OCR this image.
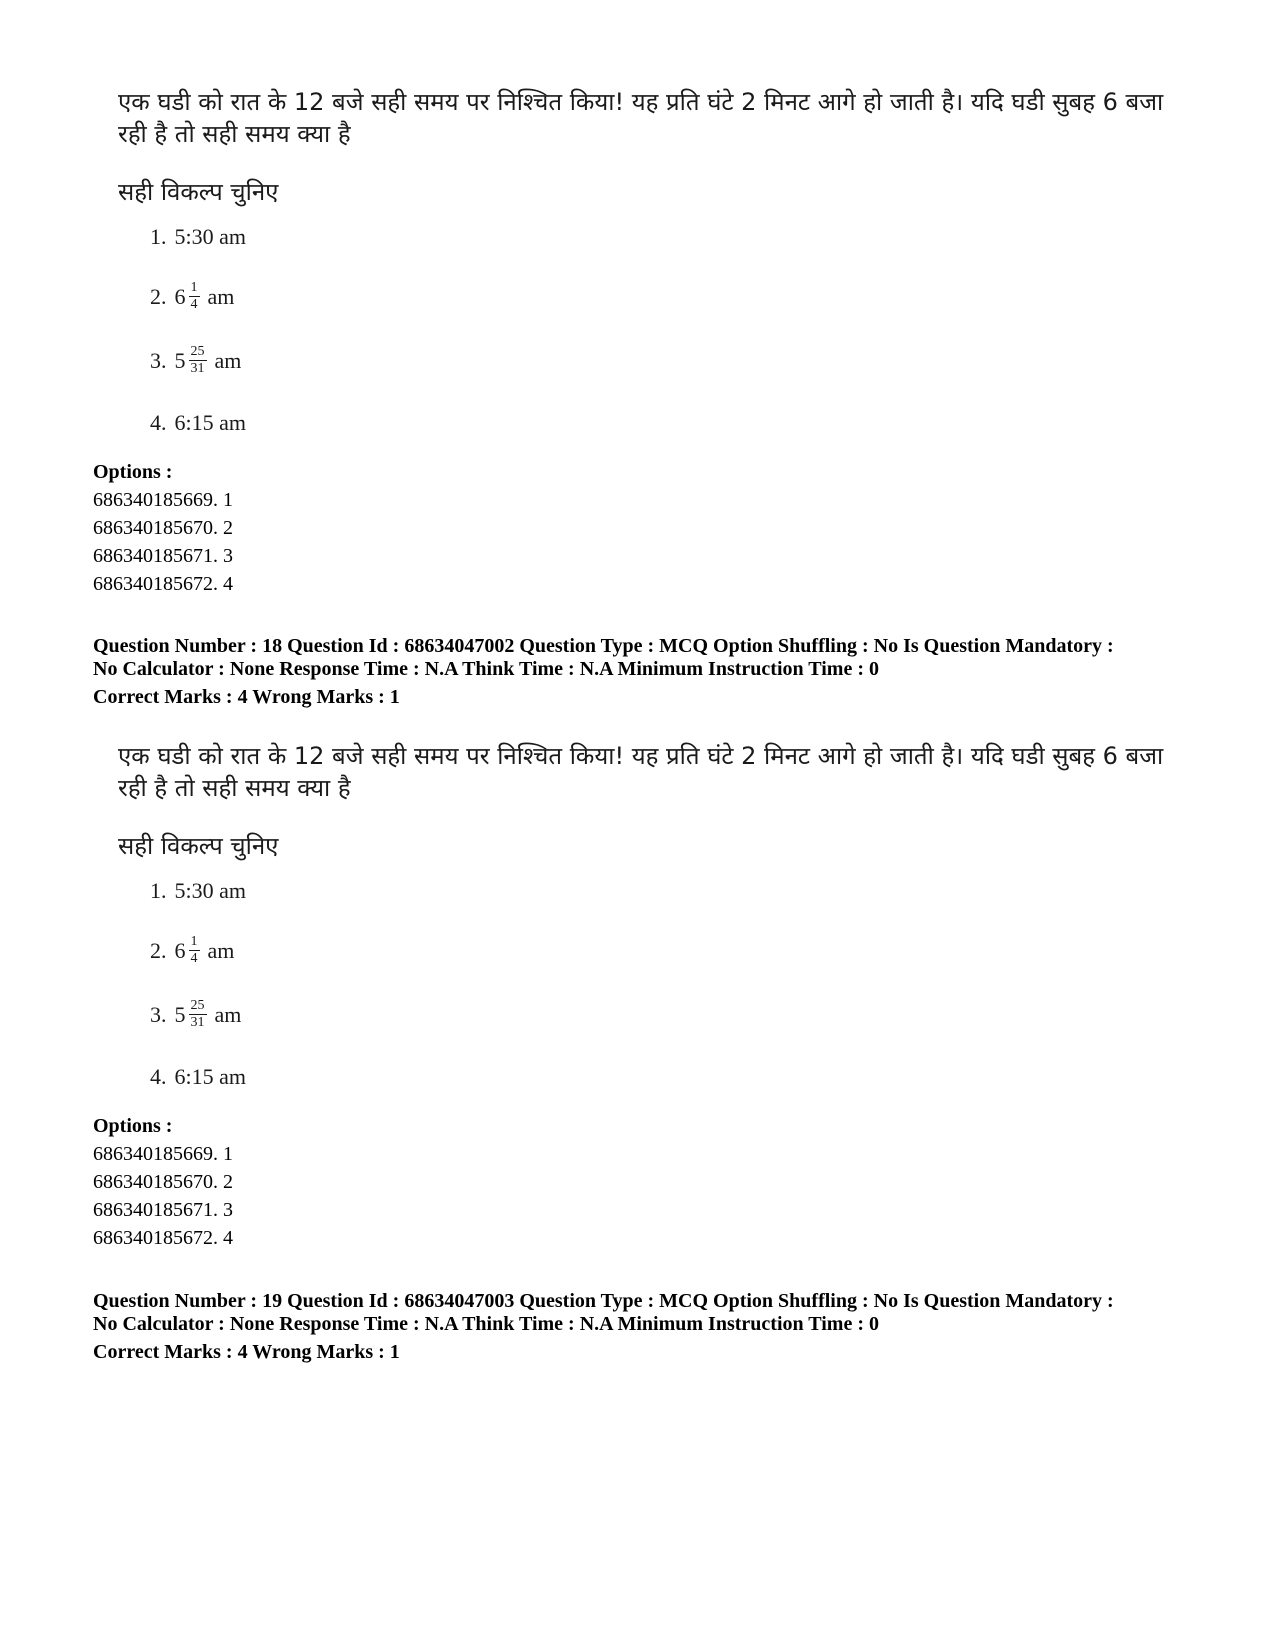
एक घडी को रात के 12 बजे सही समय पर निश्चित किया! यह प्रति घंटे 2 मिनट आगे हो जाती है। यदि घडी सुबह 6 बजा रही है तो सही समय क्या है

सही विकल्प चुनिए

1. 5:30 am
2. $6 \frac{1}{4}$ am
3. $5 \frac{25}{31}$ am
4. 6:15 am
Options :
686340185669. 1
686340185670. 2
686340185671. 3
686340185672. 4
Question Number : 18 Question Id : 68634047002 Question Type : MCQ Option Shuffling : No Is Question Mandatory :
No Calculator : None Response Time : N.A Think Time : N.A Minimum Instruction Time : 0
Correct Marks : 4 Wrong Marks : 1

एक घडी को रात के 12 बजे सही समय पर निश्चित किया! यह प्रति घंटे 2 मिनट आगे हो जाती है। यदि घडी सुबह 6 बजा रही है तो सही समय क्या है

सही विकल्प चुनिए

1. 5:30 am
2. $6 \frac{1}{4}$ am
3. $5 \frac{25}{31}$ am
4. 6:15 am
Options :
686340185669. 1
686340185670. 2
686340185671. 3
686340185672. 4
Question Number : 19 Question Id : 68634047003 Question Type : MCQ Option Shuffling : No Is Question Mandatory :
No Calculator : None Response Time : N.A Think Time : N.A Minimum Instruction Time : 0
Correct Marks : 4 Wrong Marks : 1
